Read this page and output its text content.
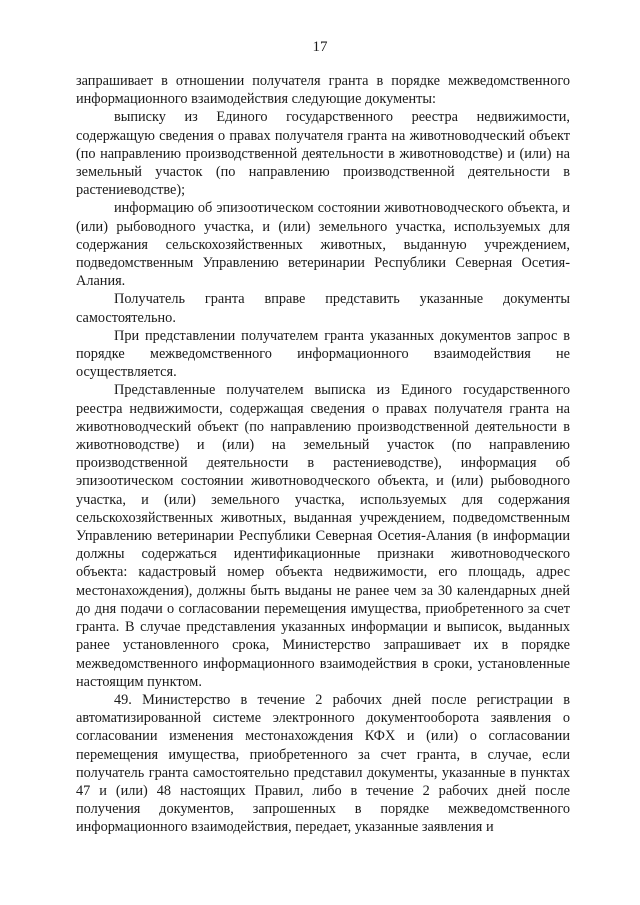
17

запрашивает в отношении получателя гранта в порядке межведомственного информационного взаимодействия следующие документы:

выписку из Единого государственного реестра недвижимости, содержащую сведения о правах получателя гранта на животноводческий объект (по направлению производственной деятельности в животноводстве) и (или) на земельный участок (по направлению производственной деятельности в растениеводстве);

информацию об эпизоотическом состоянии животноводческого объекта, и (или) рыбоводного участка, и (или) земельного участка, используемых для содержания сельскохозяйственных животных, выданную учреждением, подведомственным Управлению ветеринарии Республики Северная Осетия-Алания.

Получатель гранта вправе представить указанные документы самостоятельно.

При представлении получателем гранта указанных документов запрос в порядке межведомственного информационного взаимодействия не осуществляется.

Представленные получателем выписка из Единого государственного реестра недвижимости, содержащая сведения о правах получателя гранта на животноводческий объект (по направлению производственной деятельности в животноводстве) и (или) на земельный участок (по направлению производственной деятельности в растениеводстве), информация об эпизоотическом состоянии животноводческого объекта, и (или) рыбоводного участка, и (или) земельного участка, используемых для содержания сельскохозяйственных животных, выданная учреждением, подведомственным Управлению ветеринарии Республики Северная Осетия-Алания (в информации должны содержаться идентификационные признаки животноводческого объекта: кадастровый номер объекта недвижимости, его площадь, адрес местонахождения), должны быть выданы не ранее чем за 30 календарных дней до дня подачи о согласовании перемещения имущества, приобретенного за счет гранта. В случае представления указанных информации и выписок, выданных ранее установленного срока, Министерство запрашивает их в порядке межведомственного информационного взаимодействия в сроки, установленные настоящим пунктом.

49. Министерство в течение 2 рабочих дней после регистрации в автоматизированной системе электронного документооборота заявления о согласовании изменения местонахождения КФХ и (или) о согласовании перемещения имущества, приобретенного за счет гранта, в случае, если получатель гранта самостоятельно представил документы, указанные в пунктах 47 и (или) 48 настоящих Правил, либо в течение 2 рабочих дней после получения документов, запрошенных в порядке межведомственного информационного взаимодействия, передает, указанные заявления и
